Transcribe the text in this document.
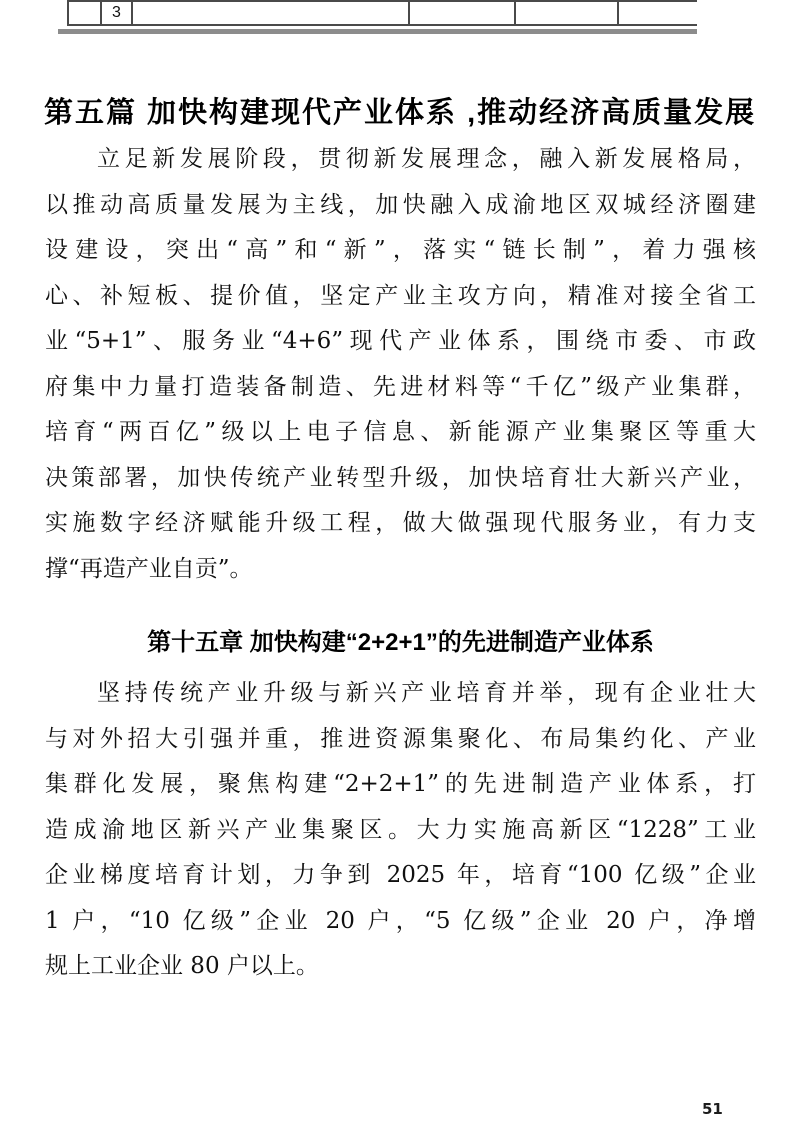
3
第五篇 加快构建现代产业体系 ,推动经济高质量发展
立足新发展阶段，贯彻新发展理念，融入新发展格局，
以推动高质量发展为主线，加快融入成渝地区双城经济圈建
设建设，突出“高”和“新”，落实“链长制”，着力强核
心、补短板、提价值，坚定产业主攻方向，精准对接全省工
业“5+1”、服务业“4+6”现代产业体系，围绕市委、市政
府集中力量打造装备制造、先进材料等“千亿”级产业集群，
培育“两百亿”级以上电子信息、新能源产业集聚区等重大
决策部署，加快传统产业转型升级，加快培育壮大新兴产业，
实施数字经济赋能升级工程，做大做强现代服务业，有力支
撑“再造产业自贡”。
第十五章 加快构建“2+2+1”的先进制造产业体系
坚持传统产业升级与新兴产业培育并举，现有企业壮大
与对外招大引强并重，推进资源集聚化、布局集约化、产业
集群化发展，聚焦构建“2+2+1”的先进制造产业体系，打
造成渝地区新兴产业集聚区。大力实施高新区“1228”工业
企业梯度培育计划，力争到 2025 年，培育“100 亿级”企业
1 户，“10 亿级”企业 20 户，“5 亿级”企业 20 户，净增
规上工业企业 80 户以上。
51
